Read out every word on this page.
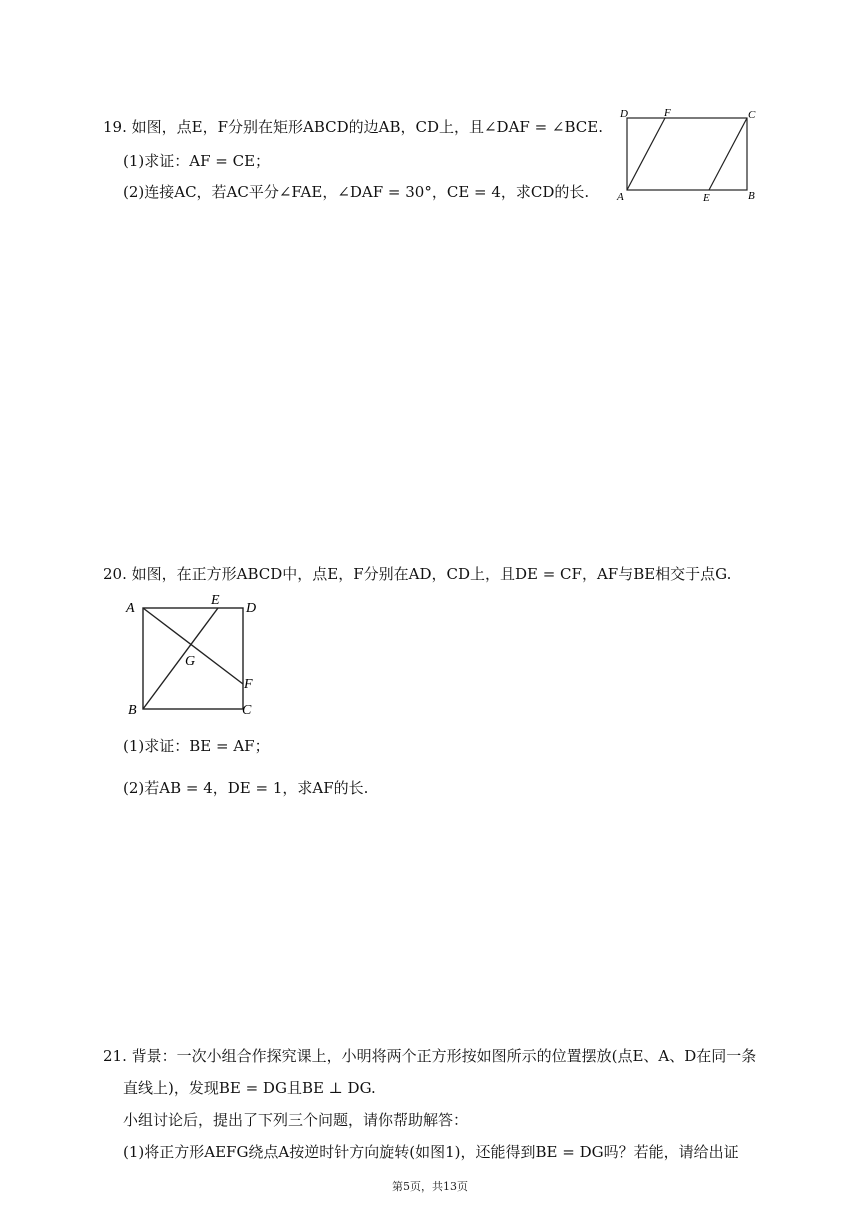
19. 如图，点E，F分别在矩形ABCD的边AB，CD上，且∠DAF = ∠BCE.
(1)求证：AF = CE；
(2)连接AC，若AC平分∠FAE，∠DAF = 30°，CE = 4，求CD的长.
D	F	C
A	E	B
20. 如图，在正方形ABCD中，点E，F分别在AD，CD上，且DE = CF，AF与BE相交于点G.
A
E
D
G
F
B	C
(1)求证：BE = AF；
(2)若AB = 4，DE = 1，求AF的长.
21. 背景：一次小组合作探究课上，小明将两个正方形按如图所示的位置摆放(点E、A、D在同一条
直线上)，发现BE = DG且BE ⊥ DG.
小组讨论后，提出了下列三个问题，请你帮助解答：
(1)将正方形AEFG绕点A按逆时针方向旋转(如图1)，还能得到BE = DG吗？若能，请给出证
第5页，共13页
